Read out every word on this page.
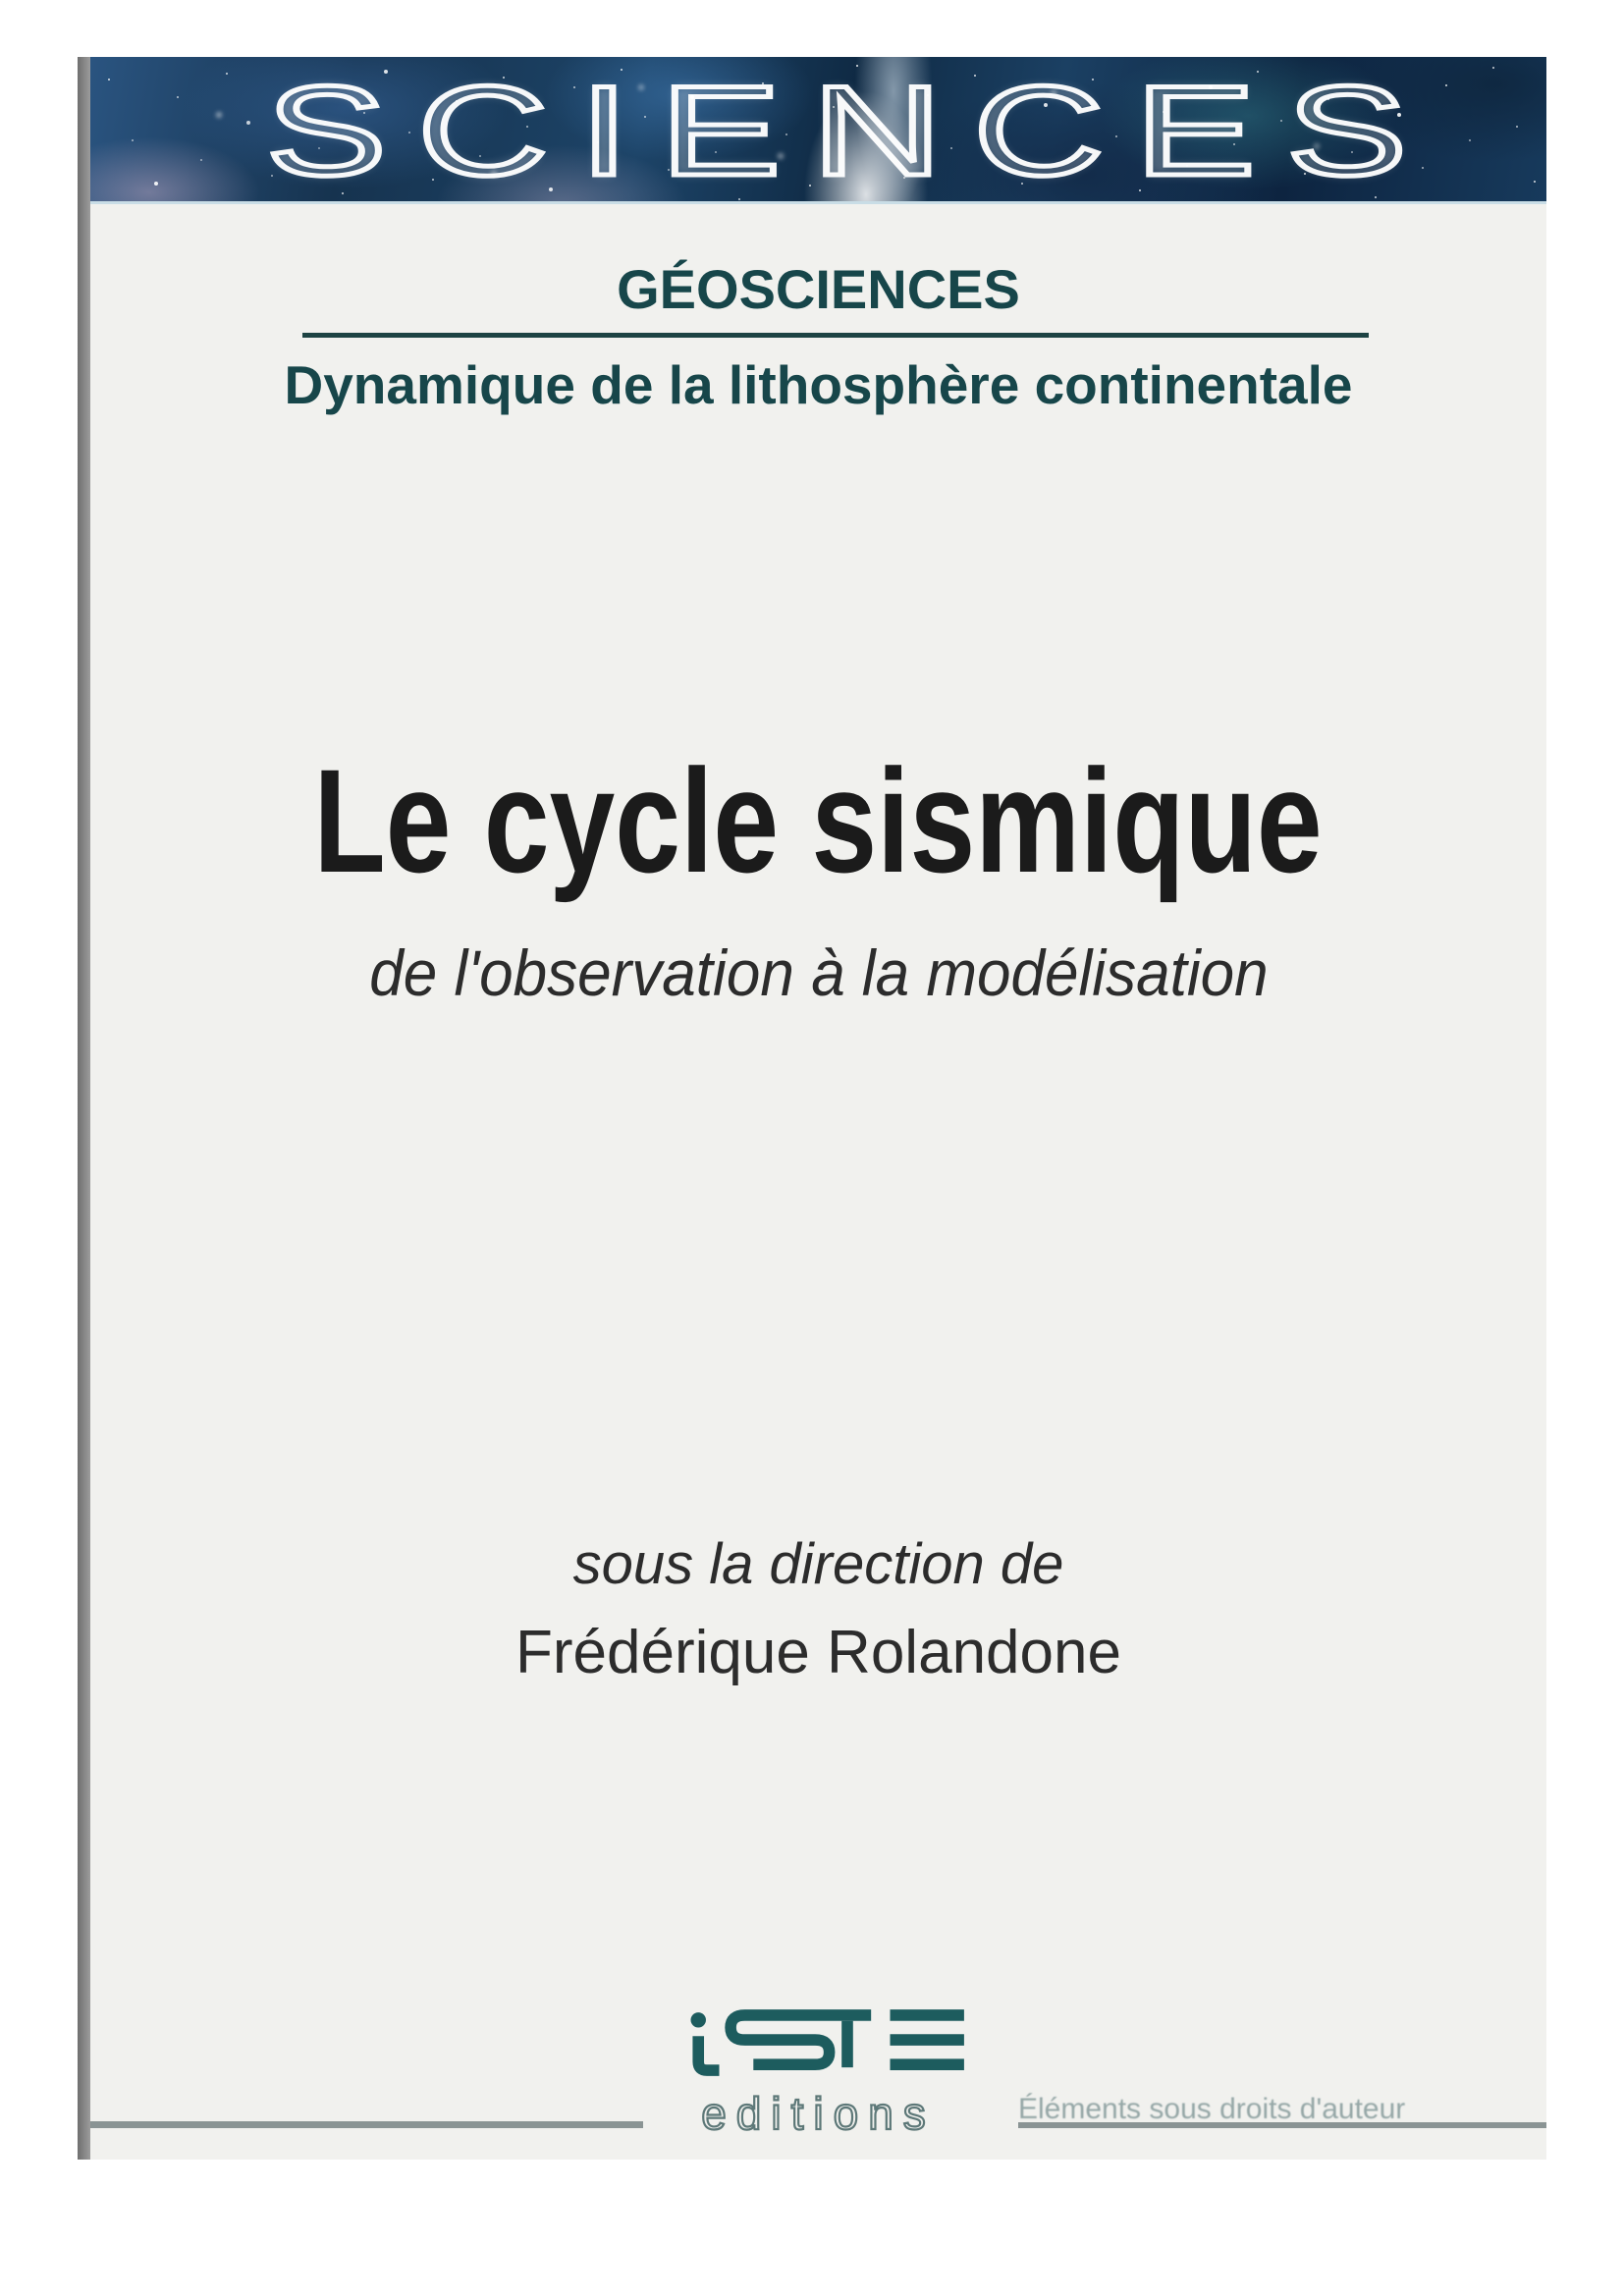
SCIENCES
GÉOSCIENCES
Dynamique de la lithosphère continentale
Le cycle sismique
de l'observation à la modélisation
sous la direction de
Frédérique Rolandone
editions	Éléments sous droits d'auteur
